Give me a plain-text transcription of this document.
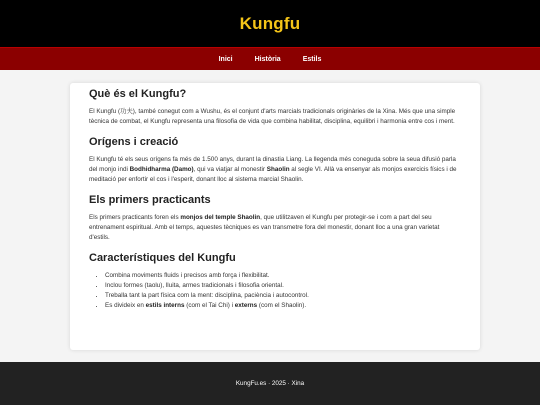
Kungfu
Inici	Història	Estils
Què és el Kungfu?

El Kungfu (功夫), també conegut com a Wushu, és el conjunt d'arts marcials tradicionals originàries de la Xina. Més que una simple tècnica de combat, el Kungfu representa una filosofia de vida que combina habilitat, disciplina, equilibri i harmonia entre cos i ment.

Orígens i creació

El Kungfu té els seus orígens fa més de 1.500 anys, durant la dinastia Liang. La llegenda més coneguda sobre la seua difusió parla del monjo indi Bodhidharma (Damo), qui va viatjar al monestir Shaolin al segle VI. Allà va ensenyar als monjos exercicis físics i de meditació per enfortir el cos i l'esperit, donant lloc al sistema marcial Shaolin.

Els primers practicants

Els primers practicants foren els monjos del temple Shaolin, que utilitzaven el Kungfu per protegir-se i com a part del seu entrenament espiritual. Amb el temps, aquestes tècniques es van transmetre fora del monestir, donant lloc a una gran varietat d'estils.

Característiques del Kungfu
• Combina moviments fluids i precisos amb força i flexibilitat.
• Inclou formes (taolu), lluita, armes tradicionals i filosofia oriental.
• Treballa tant la part física com la ment: disciplina, paciència i autocontrol.
• Es divideix en estils interns (com el Tai Chi) i externs (com el Shaolin).
KungFu.es · 2025 · Xina
